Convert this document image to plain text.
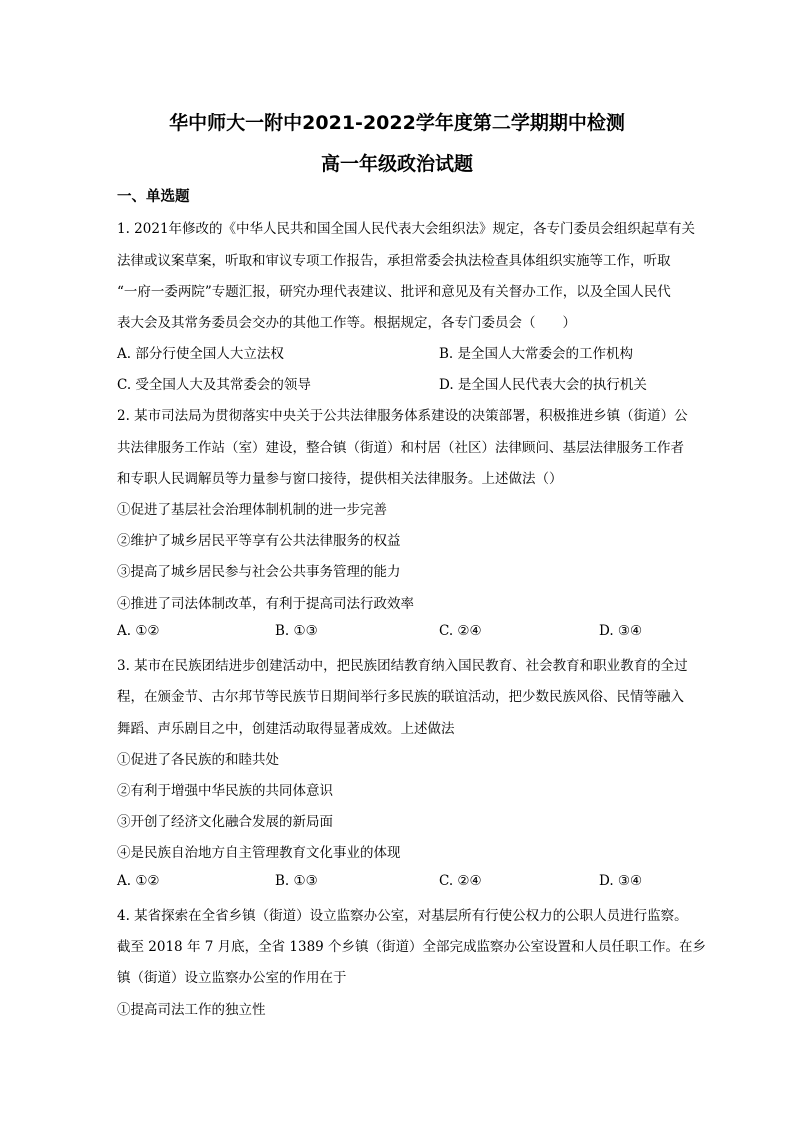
华中师大一附中2021-2022学年度第二学期期中检测
高一年级政治试题
一、单选题
1. 2021年修改的《中华人民共和国全国人民代表大会组织法》规定，各专门委员会组织起草有关
法律或议案草案，听取和审议专项工作报告，承担常委会执法检查具体组织实施等工作，听取
“一府一委两院”专题汇报，研究办理代表建议、批评和意见及有关督办工作，以及全国人民代
表大会及其常务委员会交办的其他工作等。根据规定，各专门委员会（　　）
A. 部分行使全国人大立法权	B. 是全国人大常委会的工作机构
C. 受全国人大及其常委会的领导	D. 是全国人民代表大会的执行机关
2. 某市司法局为贯彻落实中央关于公共法律服务体系建设的决策部署，积极推进乡镇（街道）公
共法律服务工作站（室）建设，整合镇（街道）和村居（社区）法律顾问、基层法律服务工作者
和专职人民调解员等力量参与窗口接待，提供相关法律服务。上述做法（）
①促进了基层社会治理体制机制的进一步完善
②维护了城乡居民平等享有公共法律服务的权益
③提高了城乡居民参与社会公共事务管理的能力
④推进了司法体制改革，有利于提高司法行政效率
A. ①②	B. ①③	C. ②④	D. ③④
3. 某市在民族团结进步创建活动中，把民族团结教育纳入国民教育、社会教育和职业教育的全过
程，在颁金节、古尔邦节等民族节日期间举行多民族的联谊活动，把少数民族风俗、民情等融入
舞蹈、声乐剧目之中，创建活动取得显著成效。上述做法
①促进了各民族的和睦共处
②有利于增强中华民族的共同体意识
③开创了经济文化融合发展的新局面
④是民族自治地方自主管理教育文化事业的体现
A. ①②	B. ①③	C. ②④	D. ③④
4. 某省探索在全省乡镇（街道）设立监察办公室，对基层所有行使公权力的公职人员进行监察。
截至 2018 年 7 月底，全省 1389 个乡镇（街道）全部完成监察办公室设置和人员任职工作。在乡
镇（街道）设立监察办公室的作用在于
①提高司法工作的独立性
